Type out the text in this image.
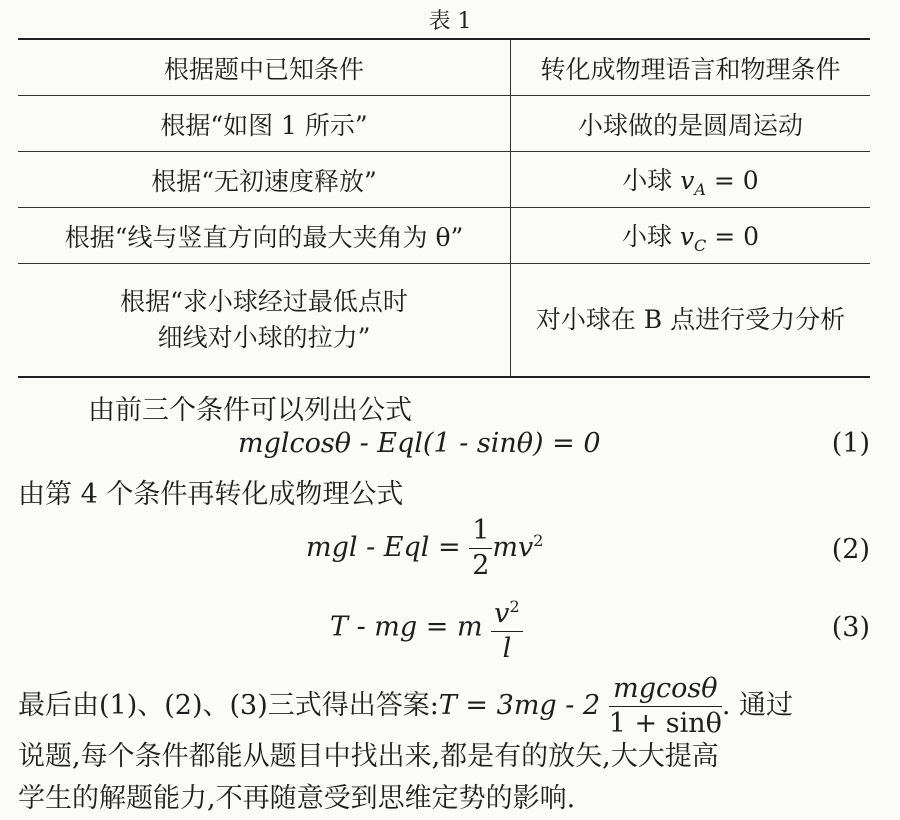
表 1
根据题中已知条件	转化成物理语言和物理条件
根据“如图 1 所示”	小球做的是圆周运动
根据“无初速度释放”	小球 $v_A = 0$
根据“线与竖直方向的最大夹角为 θ”	小球 $v_C = 0$
根据“求小球经过最低点时
细线对小球的拉力”	对小球在 B 点进行受力分析
由前三个条件可以列出公式
mglcosθ - Eql(1 - sinθ) = 0	(1)
由第 4 个条件再转化成物理公式
mgl - Eql = $\frac{1}{2} mv^2$	(2)
T - mg = m $\frac{v^2}{l}$	(3)
最后由(1)、(2)、(3)三式得出答案:T = $3mg - 2 \frac{mgcos\theta}{1 + \sin\theta}$ . 通过
说题,每个条件都能从题目中找出来,都是有的放矢,大大提高
学生的解题能力,不再随意受到思维定势的影响.
